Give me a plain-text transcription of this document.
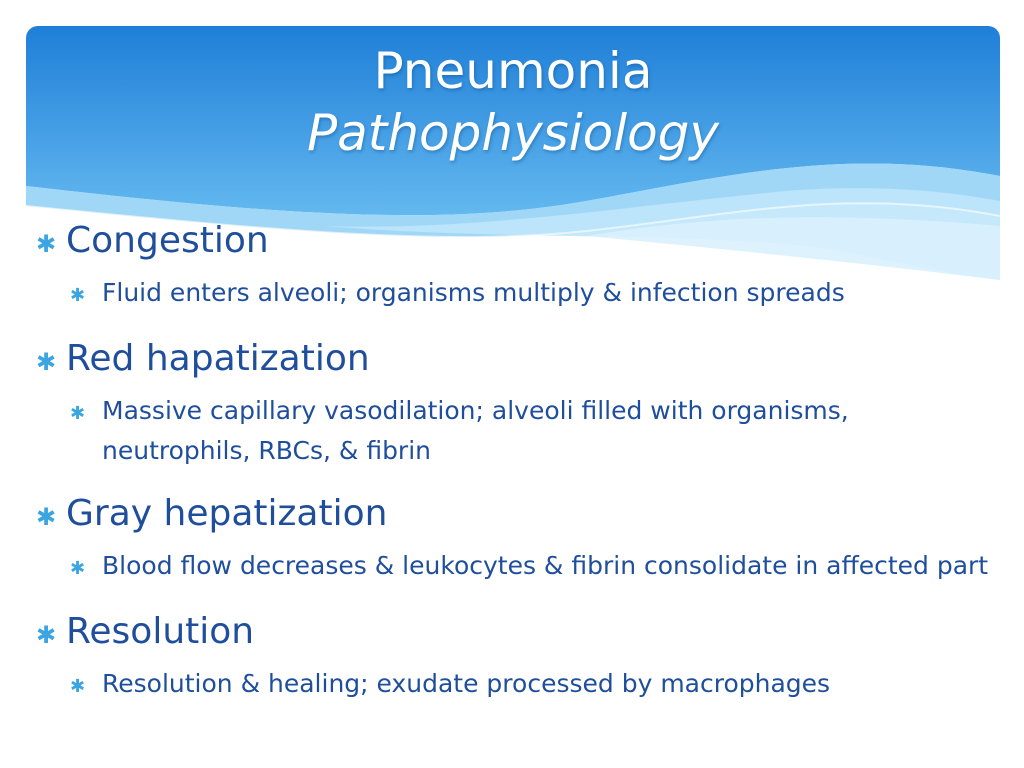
Pneumonia
Pathophysiology
✱ Congestion
✱ Fluid enters alveoli; organisms multiply & infection spreads
✱ Red hapatization
✱ Massive capillary vasodilation; alveoli filled with organisms, neutrophils, RBCs, & fibrin
✱ Gray hepatization
✱ Blood flow decreases & leukocytes & fibrin consolidate in affected part
✱ Resolution
✱ Resolution & healing; exudate processed by macrophages
